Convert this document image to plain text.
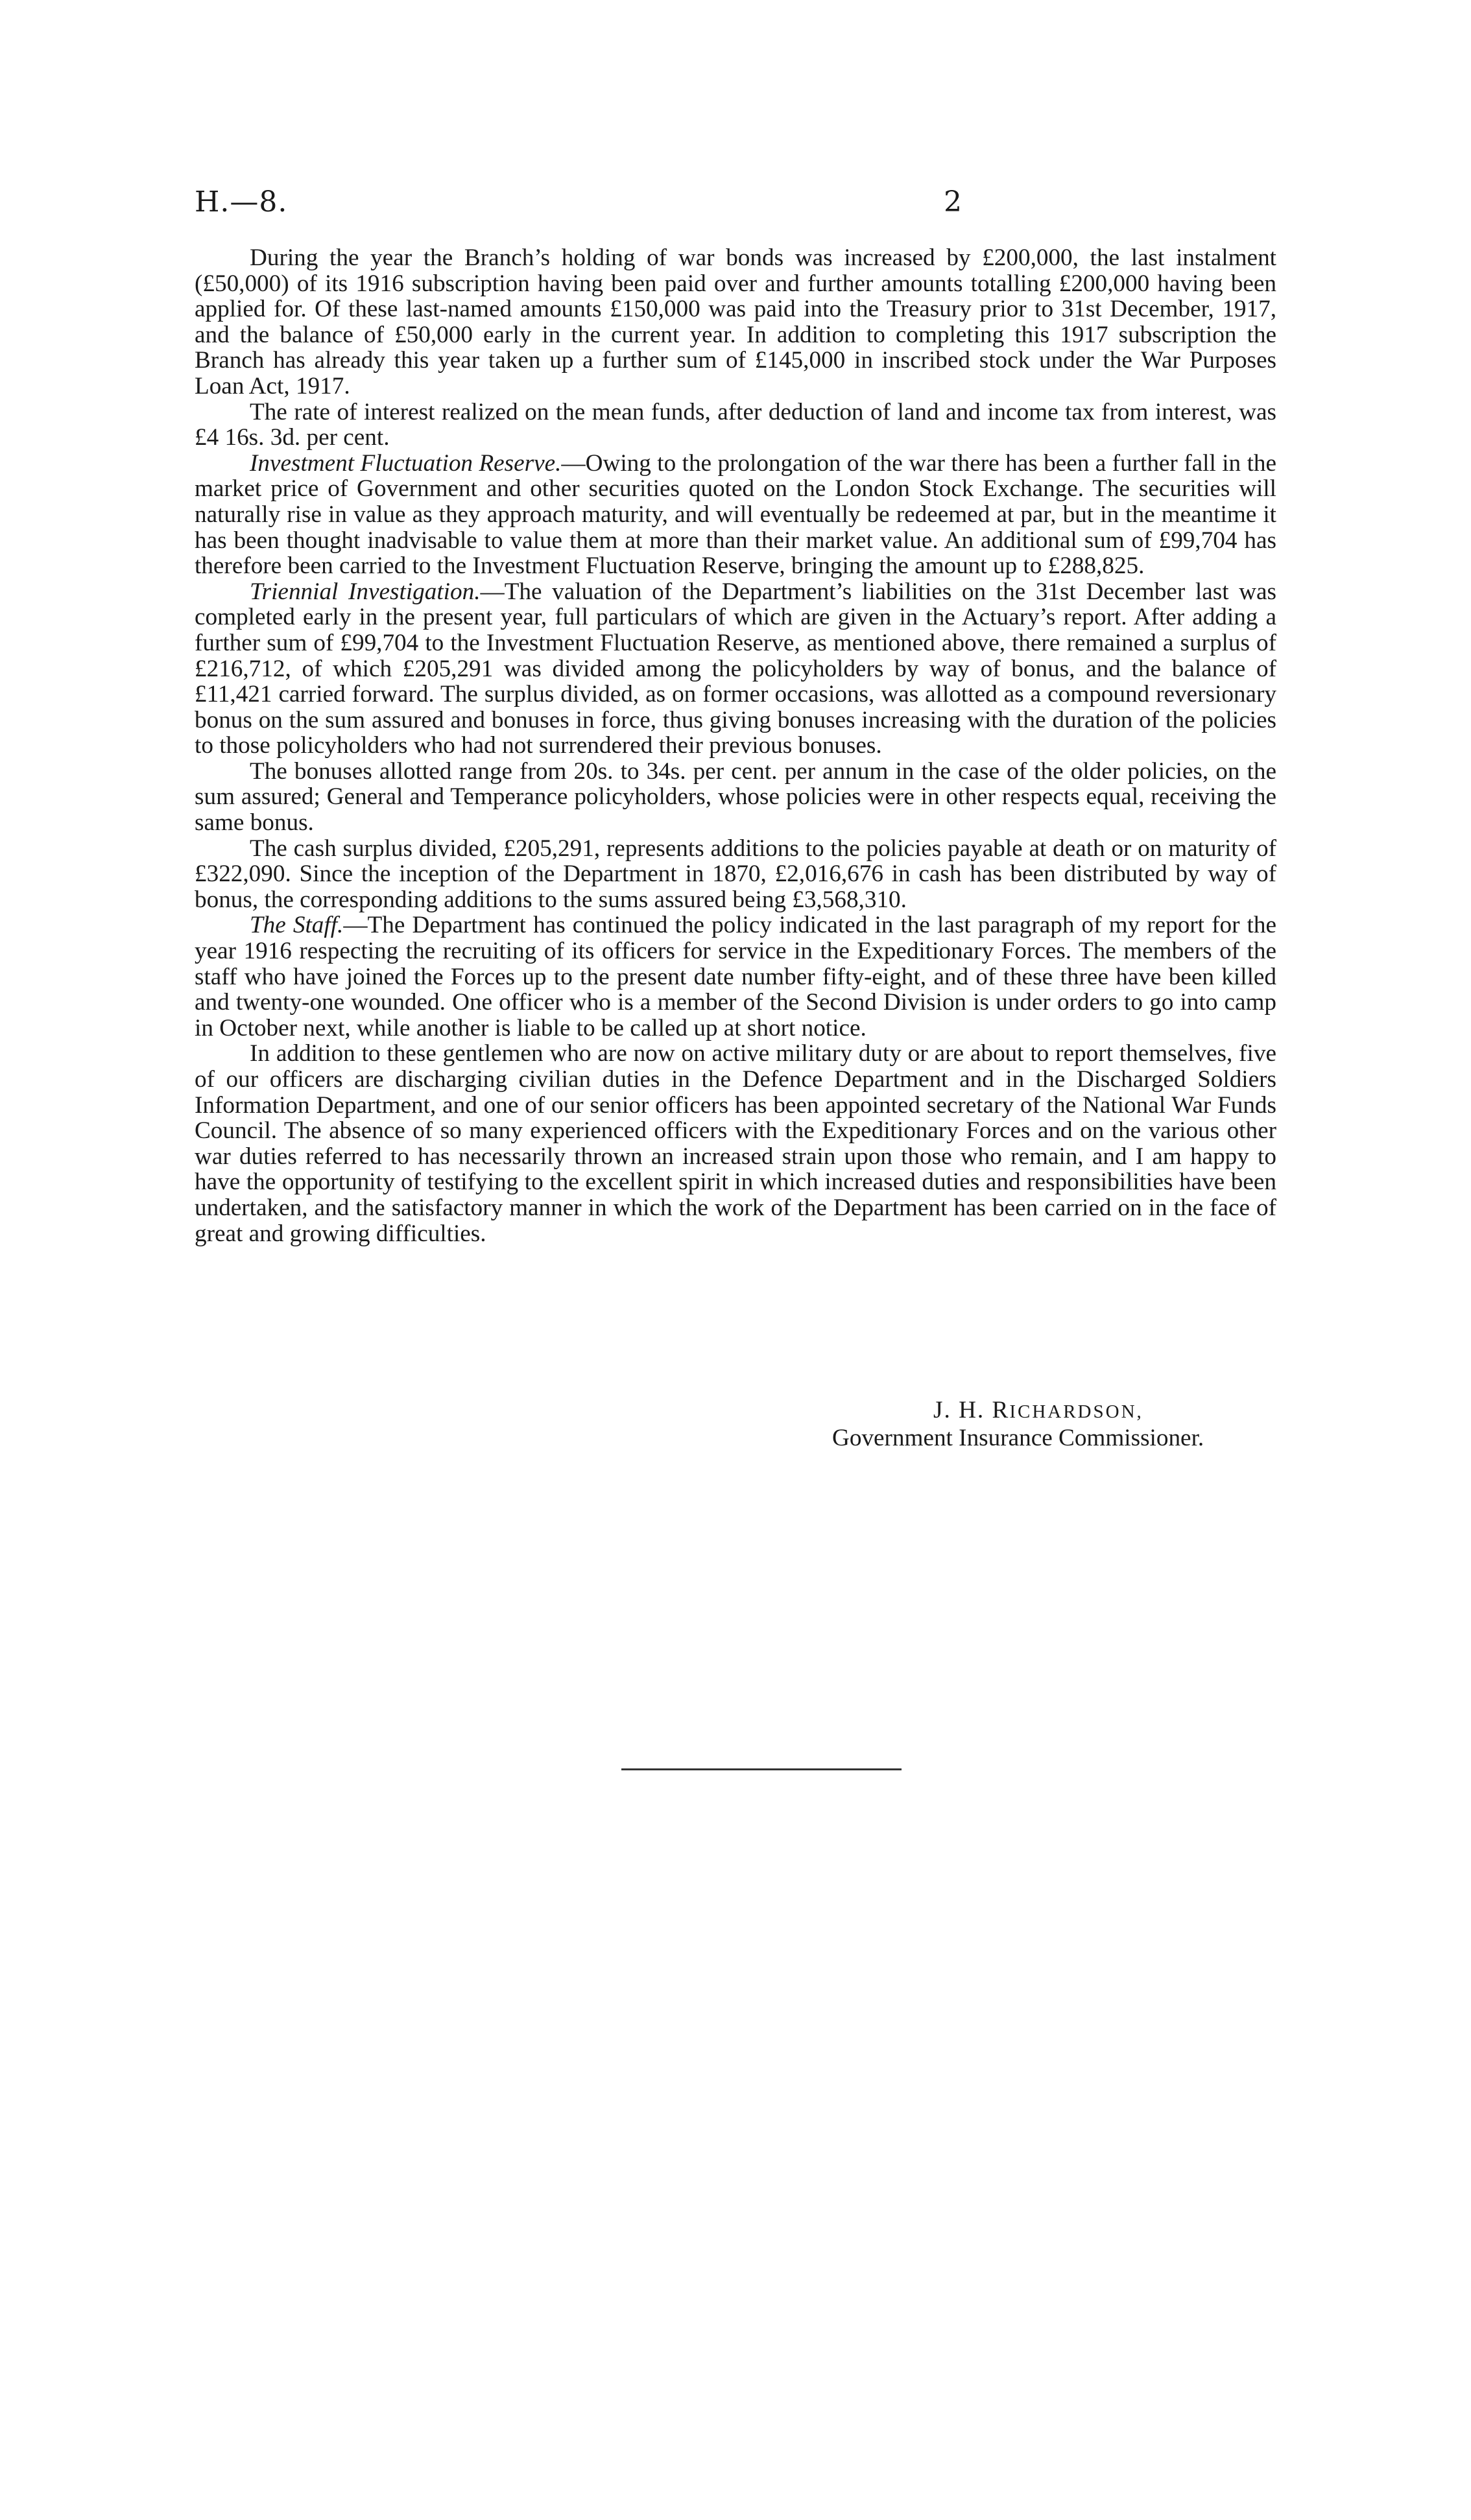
H.—8.	2

During the year the Branch’s holding of war bonds was increased by £200,000, the last instalment (£50,000) of its 1916 subscription having been paid over and further amounts totalling £200,000 having been applied for. Of these last-named amounts £150,000 was paid into the Treasury prior to 31st December, 1917, and the balance of £50,000 early in the current year. In addition to completing this 1917 subscription the Branch has already this year taken up a further sum of £145,000 in inscribed stock under the War Purposes Loan Act, 1917.

The rate of interest realized on the mean funds, after deduction of land and income tax from interest, was £4 16s. 3d. per cent.

Investment Fluctuation Reserve.—Owing to the prolongation of the war there has been a further fall in the market price of Government and other securities quoted on the London Stock Exchange. The securities will naturally rise in value as they approach maturity, and will eventually be redeemed at par, but in the meantime it has been thought inadvisable to value them at more than their market value. An additional sum of £99,704 has therefore been carried to the Investment Fluctuation Reserve, bringing the amount up to £288,825.

Triennial Investigation.—The valuation of the Department’s liabilities on the 31st December last was completed early in the present year, full particulars of which are given in the Actuary’s report. After adding a further sum of £99,704 to the Investment Fluctuation Reserve, as mentioned above, there remained a surplus of £216,712, of which £205,291 was divided among the policyholders by way of bonus, and the balance of £11,421 carried forward. The surplus divided, as on former occasions, was allotted as a compound reversionary bonus on the sum assured and bonuses in force, thus giving bonuses increasing with the duration of the policies to those policyholders who had not surrendered their previous bonuses.

The bonuses allotted range from 20s. to 34s. per cent. per annum in the case of the older policies, on the sum assured; General and Temperance policyholders, whose policies were in other respects equal, receiving the same bonus.

The cash surplus divided, £205,291, represents additions to the policies payable at death or on maturity of £322,090. Since the inception of the Department in 1870, £2,016,676 in cash has been distributed by way of bonus, the corresponding additions to the sums assured being £3,568,310.

The Staff.—The Department has continued the policy indicated in the last paragraph of my report for the year 1916 respecting the recruiting of its officers for service in the Expeditionary Forces. The members of the staff who have joined the Forces up to the present date number fifty-eight, and of these three have been killed and twenty-one wounded. One officer who is a member of the Second Division is under orders to go into camp in October next, while another is liable to be called up at short notice.

In addition to these gentlemen who are now on active military duty or are about to report themselves, five of our officers are discharging civilian duties in the Defence Department and in the Discharged Soldiers Information Department, and one of our senior officers has been appointed secretary of the National War Funds Council. The absence of so many experienced officers with the Expeditionary Forces and on the various other war duties referred to has necessarily thrown an increased strain upon those who remain, and I am happy to have the opportunity of testifying to the excellent spirit in which increased duties and responsibilities have been undertaken, and the satisfactory manner in which the work of the Department has been carried on in the face of great and growing difficulties.

J. H. RICHARDSON,
Government Insurance Commissioner.
